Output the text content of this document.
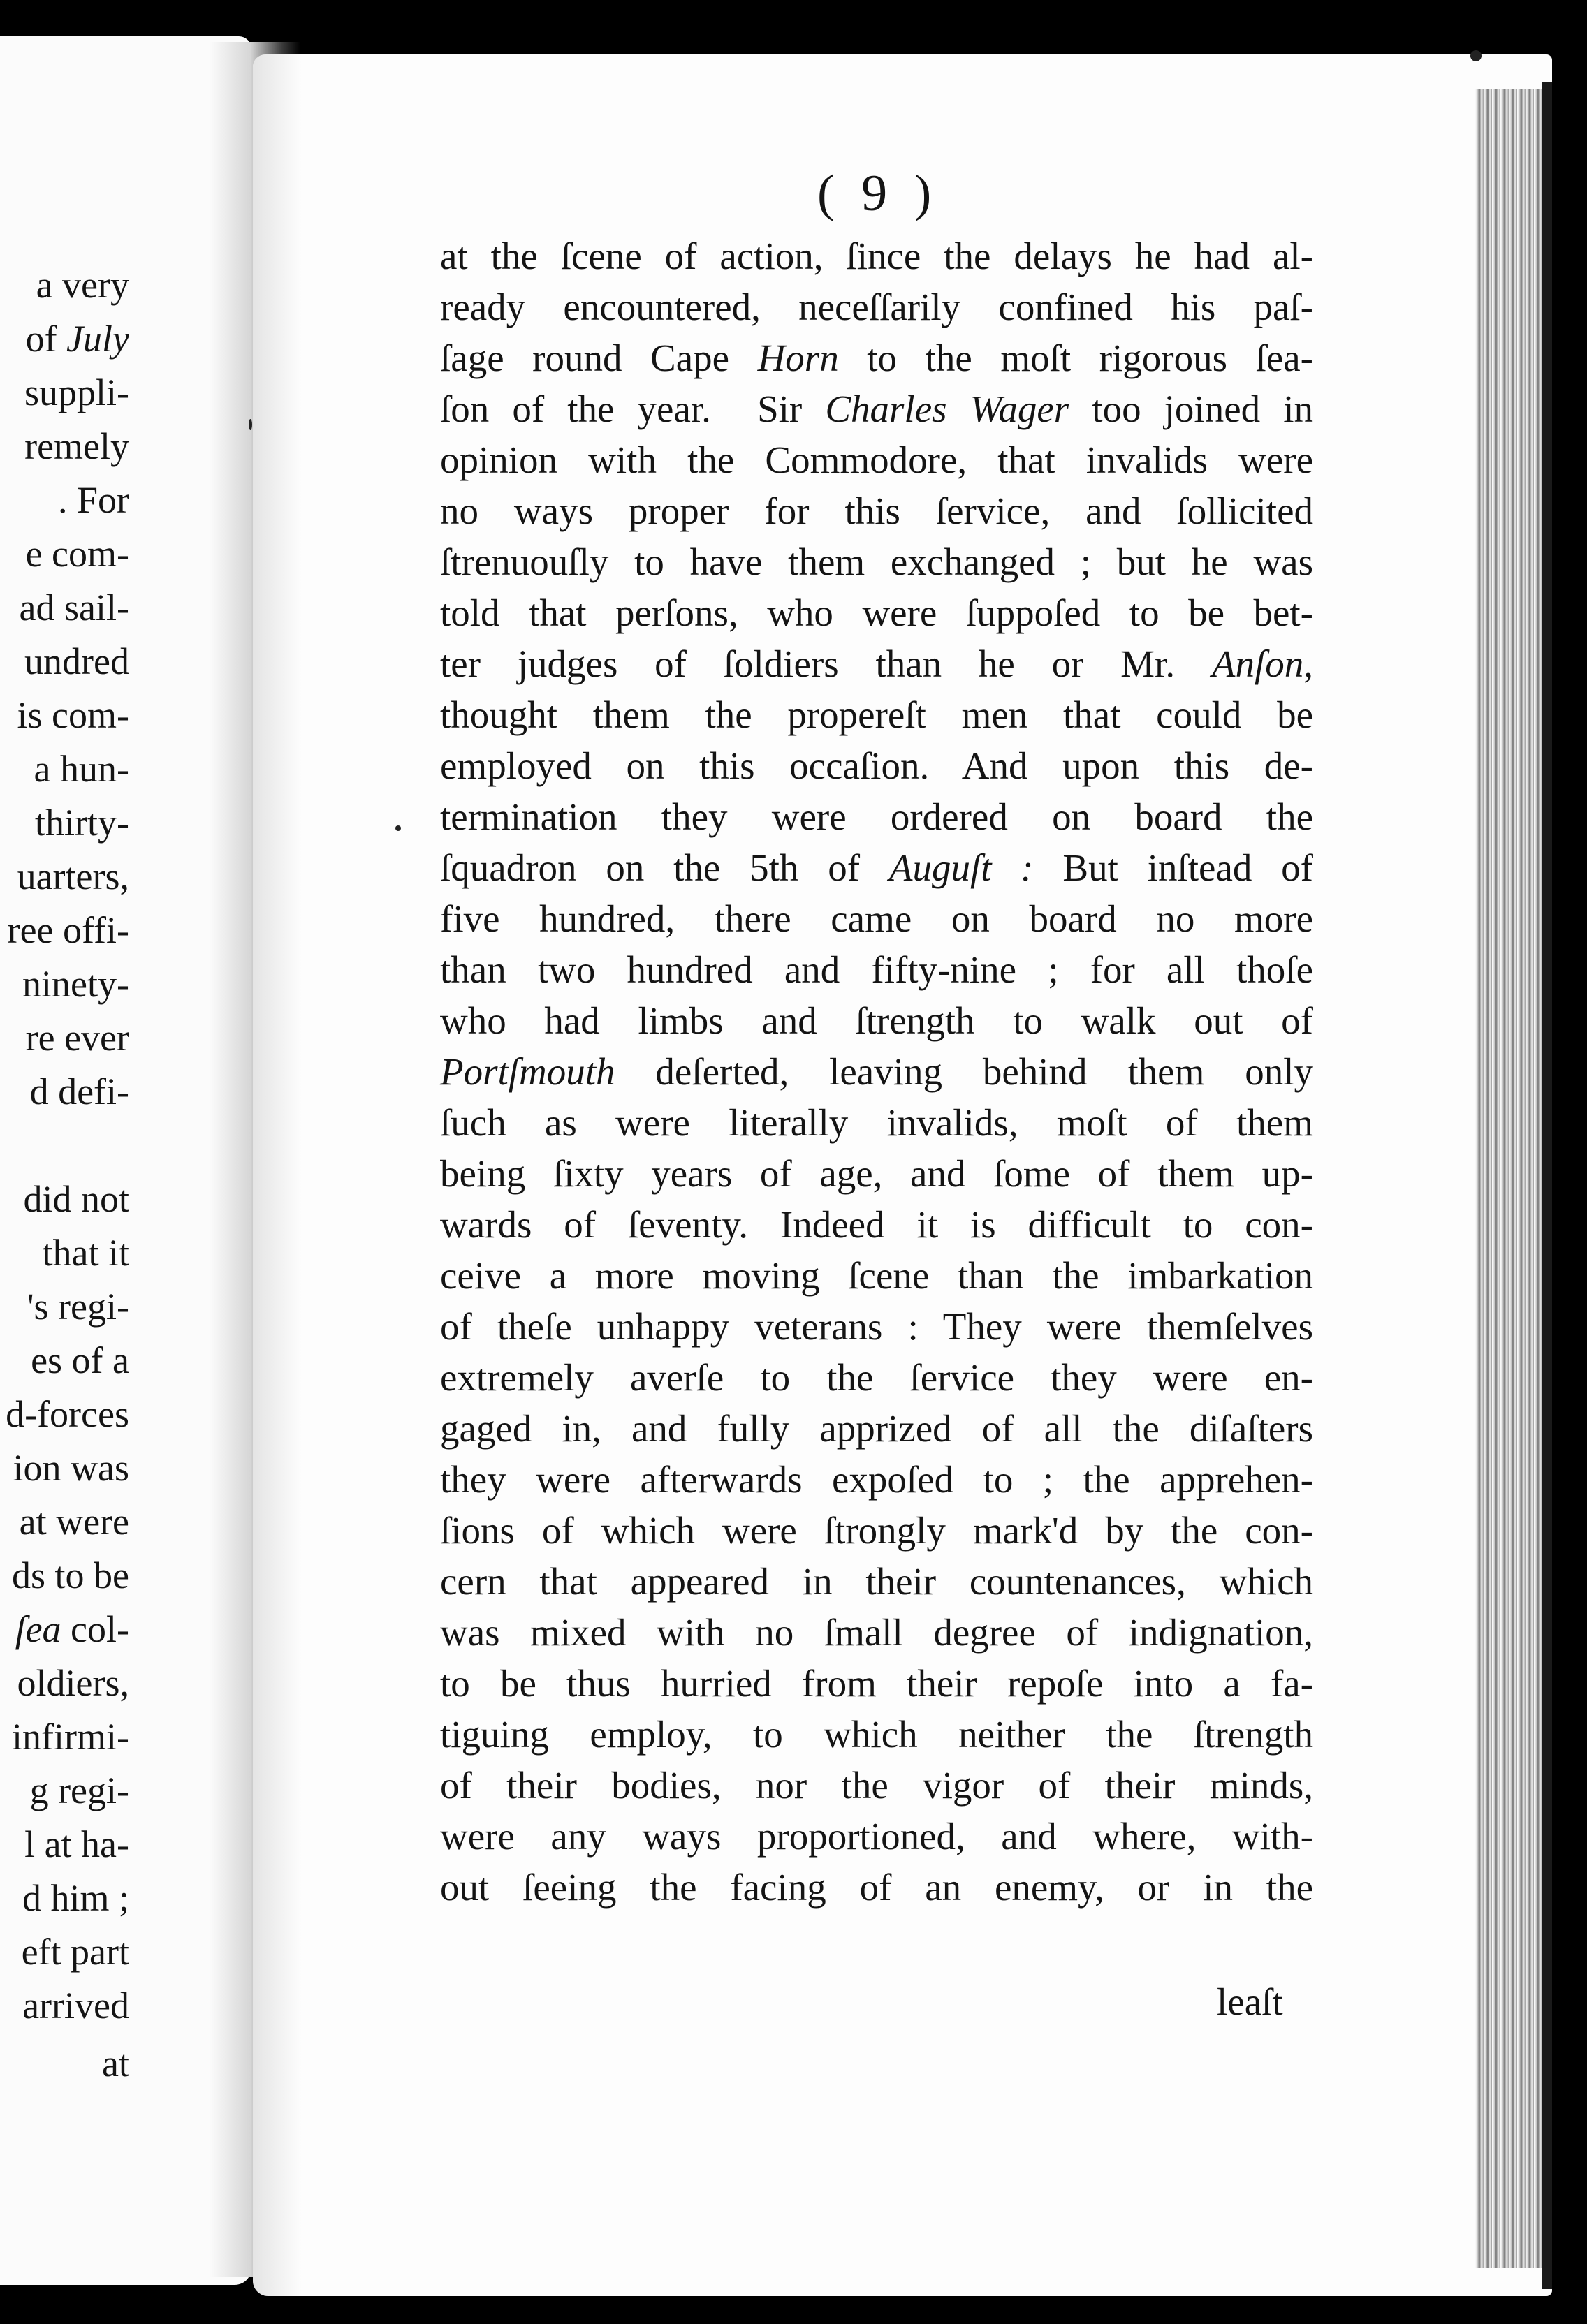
a very
of July
suppli-
remely
. For
e com-
ad sail-
undred
is com-
a hun-
thirty-
uarters,
ree offi-
ninety-
re ever
d defi-
did not
that it
's regi-
es of a
d-forces
ion was
at were
ds to be
ſea col-
oldiers,
infirmi-
g regi-
l at ha-
d him ;
eft part
arrived
at
( 9 )
at the ſcene of action, ſince the delays he had al-
ready encountered, neceſſarily confined his paſ-
ſage round Cape Horn to the moſt rigorous ſea-
ſon of the year.  Sir Charles Wager too joined in
opinion with the Commodore, that invalids were
no ways proper for this ſervice, and ſollicited
ſtrenuouſly to have them exchanged ; but he was
told that perſons, who were ſuppoſed to be bet-
ter judges of ſoldiers than he or Mr. Anſon,
thought them the propereſt men that could be
employed on this occaſion. And upon this de-
termination they were ordered on board the
ſquadron on the 5th of Auguſt : But inſtead of
five hundred, there came on board no more
than two hundred and fifty-nine ; for all thoſe
who had limbs and ſtrength to walk out of
Portſmouth deſerted, leaving behind them only
ſuch as were literally invalids, moſt of them
being ſixty years of age, and ſome of them up-
wards of ſeventy. Indeed it is difficult to con-
ceive a more moving ſcene than the imbarkation
of theſe unhappy veterans : They were themſelves
extremely averſe to the ſervice they were en-
gaged in, and fully apprized of all the diſaſters
they were afterwards expoſed to ; the apprehen-
ſions of which were ſtrongly mark'd by the con-
cern that appeared in their countenances, which
was mixed with no ſmall degree of indignation,
to be thus hurried from their repoſe into a fa-
tiguing employ, to which neither the ſtrength
of their bodies, nor the vigor of their minds,
were any ways proportioned, and where, with-
out ſeeing the facing of an enemy, or in the
leaſt
